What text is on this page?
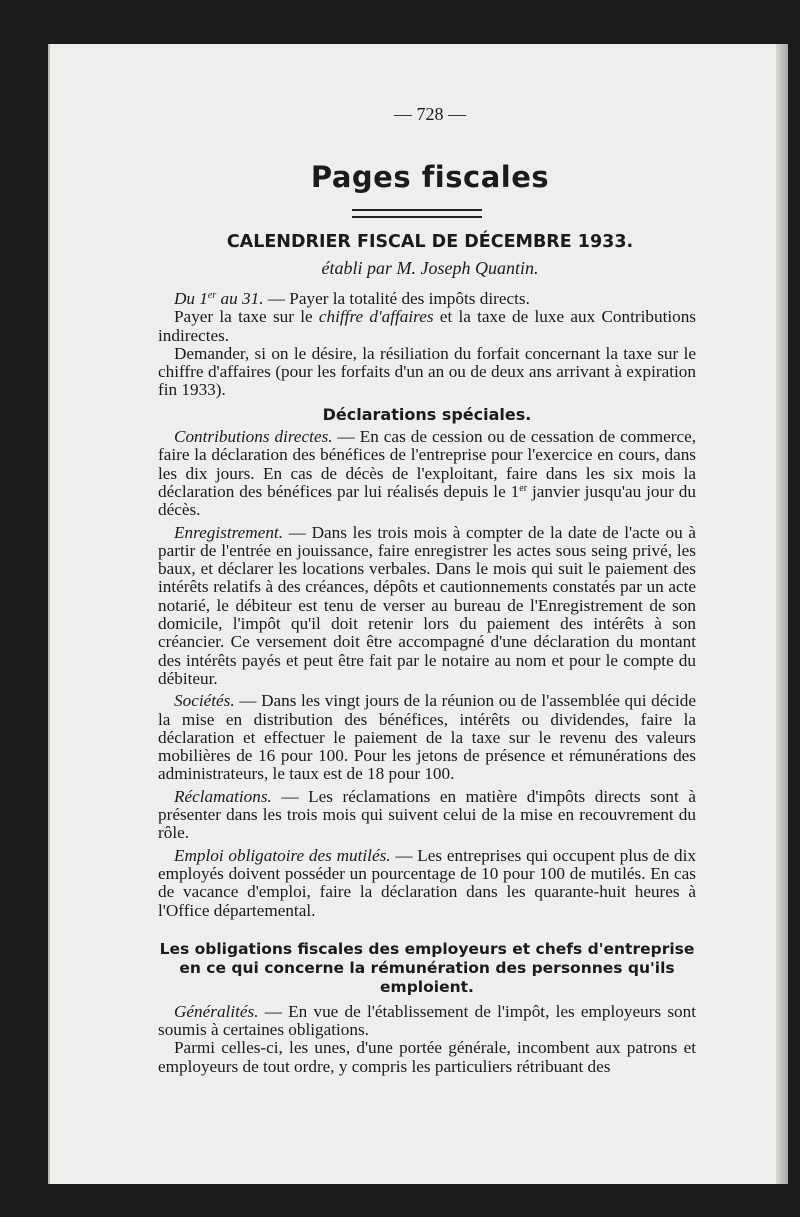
— 728 —
Pages fiscales
CALENDRIER FISCAL DE DÉCEMBRE 1933.
établi par M. Joseph Quantin.

Du 1er au 31. — Payer la totalité des impôts directs.

Payer la taxe sur le chiffre d'affaires et la taxe de luxe aux Contributions indirectes.

Demander, si on le désire, la résiliation du forfait concernant la taxe sur le chiffre d'affaires (pour les forfaits d'un an ou de deux ans arrivant à expiration fin 1933).

Déclarations spéciales.

Contributions directes. — En cas de cession ou de cessation de commerce, faire la déclaration des bénéfices de l'entreprise pour l'exercice en cours, dans les dix jours. En cas de décès de l'exploitant, faire dans les six mois la déclaration des bénéfices par lui réalisés depuis le 1er janvier jusqu'au jour du décès.

Enregistrement. — Dans les trois mois à compter de la date de l'acte ou à partir de l'entrée en jouissance, faire enregistrer les actes sous seing privé, les baux, et déclarer les locations verbales. Dans le mois qui suit le paiement des intérêts relatifs à des créances, dépôts et cautionnements constatés par un acte notarié, le débiteur est tenu de verser au bureau de l'Enregistrement de son domicile, l'impôt qu'il doit retenir lors du paiement des intérêts à son créancier. Ce versement doit être accompagné d'une déclaration du montant des intérêts payés et peut être fait par le notaire au nom et pour le compte du débiteur.

Sociétés. — Dans les vingt jours de la réunion ou de l'assemblée qui décide la mise en distribution des bénéfices, intérêts ou dividendes, faire la déclaration et effectuer le paiement de la taxe sur le revenu des valeurs mobilières de 16 pour 100. Pour les jetons de présence et rémunérations des administrateurs, le taux est de 18 pour 100.

Réclamations. — Les réclamations en matière d'impôts directs sont à présenter dans les trois mois qui suivent celui de la mise en recouvrement du rôle.

Emploi obligatoire des mutilés. — Les entreprises qui occupent plus de dix employés doivent posséder un pourcentage de 10 pour 100 de mutilés. En cas de vacance d'emploi, faire la déclaration dans les quarante-huit heures à l'Office départemental.

Les obligations fiscales des employeurs et chefs d'entreprise
en ce qui concerne la rémunération des personnes qu'ils emploient.

Généralités. — En vue de l'établissement de l'impôt, les employeurs sont soumis à certaines obligations.

Parmi celles-ci, les unes, d'une portée générale, incombent aux patrons et employeurs de tout ordre, y compris les particuliers rétribuant des
